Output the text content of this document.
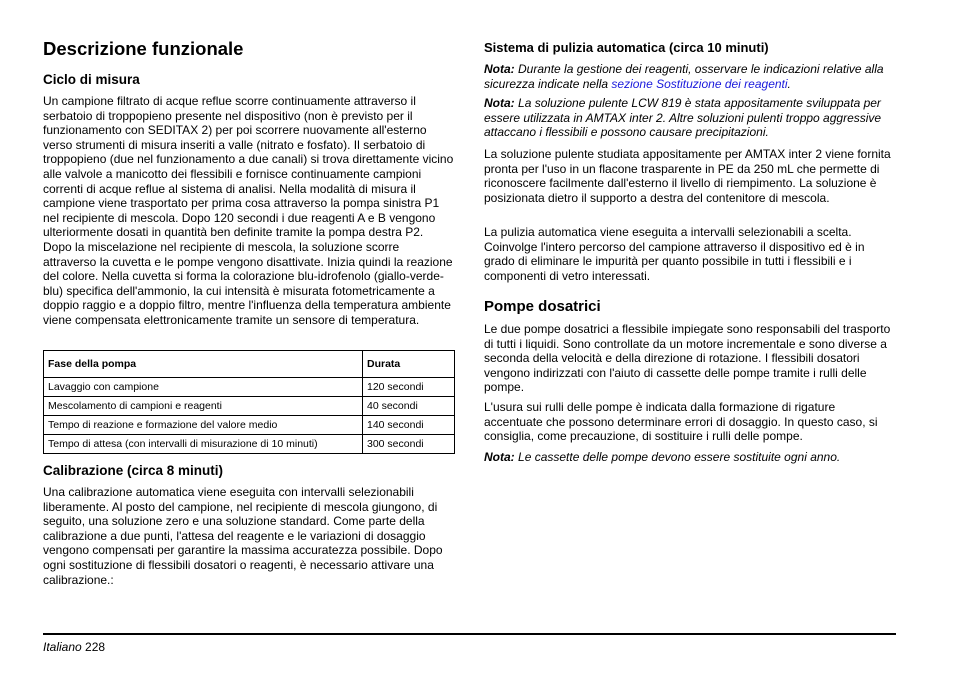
Descrizione funzionale
Ciclo di misura

Un campione filtrato di acque reflue scorre continuamente attraverso il serbatoio di troppopieno presente nel dispositivo (non è previsto per il funzionamento con SEDITAX 2) per poi scorrere nuovamente all'esterno verso strumenti di misura inseriti a valle (nitrato e fosfato). Il serbatoio di troppopieno (due nel funzionamento a due canali) si trova direttamente vicino alle valvole a manicotto dei flessibili e fornisce continuamente campioni correnti di acque reflue al sistema di analisi. Nella modalità di misura il campione viene trasportato per prima cosa attraverso la pompa sinistra P1 nel recipiente di mescola. Dopo 120 secondi i due reagenti A e B vengono ulteriormente dosati in quantità ben definite tramite la pompa destra P2. Dopo la miscelazione nel recipiente di mescola, la soluzione scorre attraverso la cuvetta e le pompe vengono disattivate. Inizia quindi la reazione del colore. Nella cuvetta si forma la colorazione blu-idrofenolo (giallo-verde-blu) specifica dell'ammonio, la cui intensità è misurata fotometricamente a doppio raggio e a doppio filtro, mentre l'influenza della temperatura ambiente viene compensata elettronicamente tramite un sensore di temperatura.

Fase della pompa	Durata
Lavaggio con campione	120 secondi
Mescolamento di campioni e reagenti	40 secondi
Tempo di reazione e formazione del valore medio	140 secondi
Tempo di attesa (con intervalli di misurazione di 10 minuti)	300 secondi
Calibrazione (circa 8 minuti)

Una calibrazione automatica viene eseguita con intervalli selezionabili liberamente. Al posto del campione, nel recipiente di mescola giungono, di seguito, una soluzione zero e una soluzione standard. Come parte della calibrazione a due punti, l'attesa del reagente e le variazioni di dosaggio vengono compensati per garantire la massima accuratezza possibile. Dopo ogni sostituzione di flessibili dosatori o reagenti, è necessario attivare una calibrazione.:

Sistema di pulizia automatica (circa 10 minuti)

Nota: Durante la gestione dei reagenti, osservare le indicazioni relative alla sicurezza indicate nella sezione Sostituzione dei reagenti.

Nota: La soluzione pulente LCW 819 è stata appositamente sviluppata per essere utilizzata in AMTAX inter 2. Altre soluzioni pulenti troppo aggressive attaccano i flessibili e possono causare precipitazioni.

La soluzione pulente studiata appositamente per AMTAX inter 2 viene fornita pronta per l'uso in un flacone trasparente in PE da 250 mL che permette di riconoscere facilmente dall'esterno il livello di riempimento. La soluzione è posizionata dietro il supporto a destra del contenitore di mescola.

La pulizia automatica viene eseguita a intervalli selezionabili a scelta. Coinvolge l'intero percorso del campione attraverso il dispositivo ed è in grado di eliminare le impurità per quanto possibile in tutti i flessibili e i componenti di vetro interessati.

Pompe dosatrici

Le due pompe dosatrici a flessibile impiegate sono responsabili del trasporto di tutti i liquidi. Sono controllate da un motore incrementale e sono diverse a seconda della velocità e della direzione di rotazione. I flessibili dosatori vengono indirizzati con l'aiuto di cassette delle pompe tramite i rulli delle pompe.

L'usura sui rulli delle pompe è indicata dalla formazione di rigature accentuate che possono determinare errori di dosaggio. In questo caso, si consiglia, come precauzione, di sostituire i rulli delle pompe.

Nota: Le cassette delle pompe devono essere sostituite ogni anno.

Italiano 228
